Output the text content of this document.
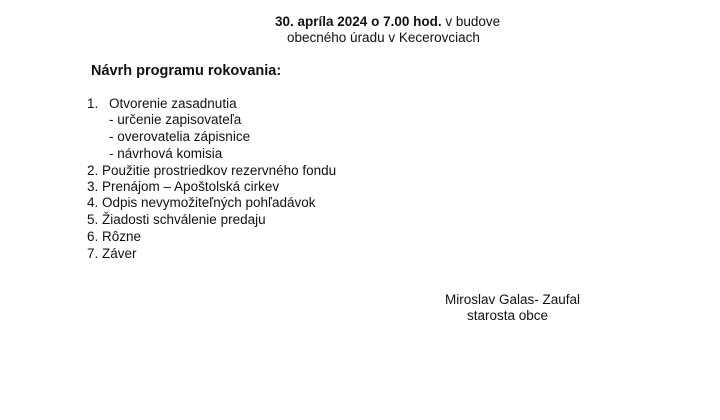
30. apríla 2024 o 7.00 hod. v budove
obecného úradu v Kecerovciach
Návrh programu rokovania:
1. Otvorenie zasadnutia
- určenie zapisovateľa
- overovatelia zápisnice
- návrhová komisia
2. Použitie prostriedkov rezervného fondu
3. Prenájom – Apoštolská cirkev
4. Odpis nevymožiteľných pohľadávok
5. Žiadosti schválenie predaju
6. Rôzne
7. Záver
Miroslav Galas- Zaufal
starosta obce
